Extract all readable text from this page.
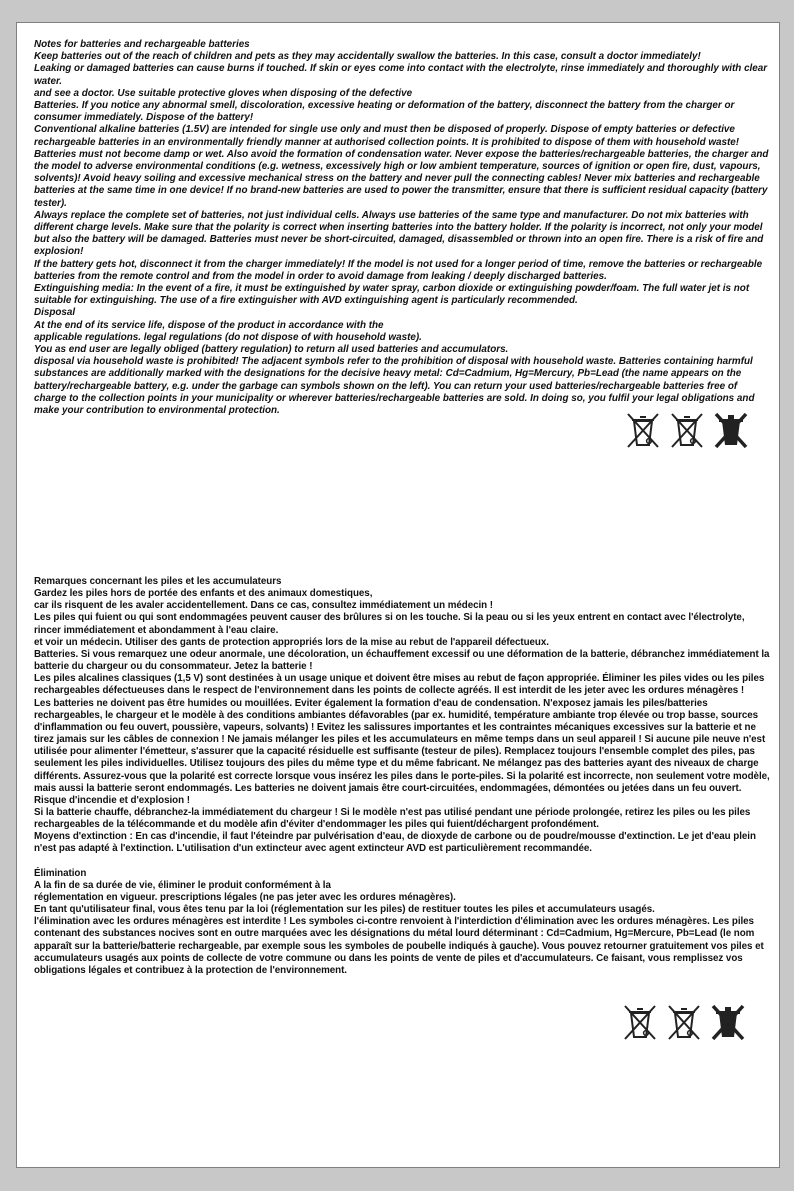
Notes for batteries and rechargeable batteries

Keep batteries out of the reach of children and pets as they may accidentally swallow the batteries. In this case, consult a doctor immediately!

Leaking or damaged batteries can cause burns if touched. If skin or eyes come into contact with the electrolyte, rinse immediately and thoroughly with clear water.

and see a doctor. Use suitable protective gloves when disposing of the defective

Batteries. If you notice any abnormal smell, discoloration, excessive heating or deformation of the battery, disconnect the battery from the charger or consumer immediately. Dispose of the battery!

Conventional alkaline batteries (1.5V) are intended for single use only and must then be disposed of properly. Dispose of empty batteries or defective rechargeable batteries in an environmentally friendly manner at authorised collection points. It is prohibited to dispose of them with household waste!

Batteries must not become damp or wet. Also avoid the formation of condensation water. Never expose the batteries/rechargeable batteries, the charger and the model to adverse environmental conditions (e.g. wetness, excessively high or low ambient temperature, sources of ignition or open fire, dust, vapours, solvents)! Avoid heavy soiling and excessive mechanical stress on the battery and never pull the connecting cables! Never mix batteries and rechargeable batteries at the same time in one device! If no brand-new batteries are used to power the transmitter, ensure that there is sufficient residual capacity (battery tester).

Always replace the complete set of batteries, not just individual cells. Always use batteries of the same type and manufacturer. Do not mix batteries with different charge levels. Make sure that the polarity is correct when inserting batteries into the battery holder. If the polarity is incorrect, not only your model but also the battery will be damaged. Batteries must never be short-circuited, damaged, disassembled or thrown into an open fire. There is a risk of fire and explosion!

If the battery gets hot, disconnect it from the charger immediately! If the model is not used for a longer period of time, remove the batteries or rechargeable batteries from the remote control and from the model in order to avoid damage from leaking / deeply discharged batteries.

Extinguishing media: In the event of a fire, it must be extinguished by water spray, carbon dioxide or extinguishing powder/foam. The full water jet is not suitable for extinguishing. The use of a fire extinguisher with AVD extinguishing agent is particularly recommended.

Disposal

At the end of its service life, dispose of the product in accordance with the

applicable regulations. legal regulations (do not dispose of with household waste).

You as end user are legally obliged (battery regulation) to return all used batteries and accumulators.

disposal via household waste is prohibited! The adjacent symbols refer to the prohibition of disposal with household waste. Batteries containing harmful substances are additionally marked with the designations for the decisive heavy metal: Cd=Cadmium, Hg=Mercury, Pb=Lead (the name appears on the battery/rechargeable battery, e.g. under the garbage can symbols shown on the left). You can return your used batteries/rechargeable batteries free of charge to the collection points in your municipality or wherever batteries/rechargeable batteries are sold. In doing so, you fulfil your legal obligations and make your contribution to environmental protection.

Remarques concernant les piles et les accumulateurs

Gardez les piles hors de portée des enfants et des animaux domestiques,

car ils risquent de les avaler accidentellement. Dans ce cas, consultez immédiatement un médecin !

Les piles qui fuient ou qui sont endommagées peuvent causer des brûlures si on les touche. Si la peau ou si les yeux entrent en contact avec l'électrolyte, rincer immédiatement et abondamment à l'eau claire.

et voir un médecin. Utiliser des gants de protection appropriés lors de la mise au rebut de l'appareil défectueux.

Batteries. Si vous remarquez une odeur anormale, une décoloration, un échauffement excessif ou une déformation de la batterie, débranchez immédiatement la batterie du chargeur ou du consommateur. Jetez la batterie !

Les piles alcalines classiques (1,5 V) sont destinées à un usage unique et doivent être mises au rebut de façon appropriée. Éliminer les piles vides ou les piles rechargeables défectueuses dans le respect de l'environnement dans les points de collecte agréés. Il est interdit de les jeter avec les ordures ménagères !

Les batteries ne doivent pas être humides ou mouillées. Eviter également la formation d'eau de condensation. N'exposez jamais les piles/batteries rechargeables, le chargeur et le modèle à des conditions ambiantes défavorables (par ex. humidité, température ambiante trop élevée ou trop basse, sources d'inflammation ou feu ouvert, poussière, vapeurs, solvants) ! Evitez les salissures importantes et les contraintes mécaniques excessives sur la batterie et ne tirez jamais sur les câbles de connexion ! Ne jamais mélanger les piles et les accumulateurs en même temps dans un seul appareil ! Si aucune pile neuve n'est utilisée pour alimenter l'émetteur, s'assurer que la capacité résiduelle est suffisante (testeur de piles). Remplacez toujours l'ensemble complet des piles, pas seulement les piles individuelles. Utilisez toujours des piles du même type et du même fabricant. Ne mélangez pas des batteries ayant des niveaux de charge différents. Assurez-vous que la polarité est correcte lorsque vous insérez les piles dans le porte-piles. Si la polarité est incorrecte, non seulement votre modèle, mais aussi la batterie seront endommagés. Les batteries ne doivent jamais être court-circuitées, endommagées, démontées ou jetées dans un feu ouvert. Risque d'incendie et d'explosion !

Si la batterie chauffe, débranchez-la immédiatement du chargeur ! Si le modèle n'est pas utilisé pendant une période prolongée, retirez les piles ou les piles rechargeables de la télécommande et du modèle afin d'éviter d'endommager les piles qui fuient/déchargent profondément.

Moyens d'extinction : En cas d'incendie, il faut l'éteindre par pulvérisation d'eau, de dioxyde de carbone ou de poudre/mousse d'extinction. Le jet d'eau plein n'est pas adapté à l'extinction. L'utilisation d'un extincteur avec agent extincteur AVD est particulièrement recommandée.

Élimination

A la fin de sa durée de vie, éliminer le produit conformément à la

réglementation en vigueur. prescriptions légales (ne pas jeter avec les ordures ménagères).

En tant qu'utilisateur final, vous êtes tenu par la loi (réglementation sur les piles) de restituer toutes les piles et accumulateurs usagés.

l'élimination avec les ordures ménagères est interdite ! Les symboles ci-contre renvoient à l'interdiction d'élimination avec les ordures ménagères. Les piles contenant des substances nocives sont en outre marquées avec les désignations du métal lourd déterminant : Cd=Cadmium, Hg=Mercure, Pb=Lead (le nom apparaît sur la batterie/batterie rechargeable, par exemple sous les symboles de poubelle indiqués à gauche). Vous pouvez retourner gratuitement vos piles et accumulateurs usagés aux points de collecte de votre commune ou dans les points de vente de piles et d'accumulateurs. Ce faisant, vous remplissez vos obligations légales et contribuez à la protection de l'environnement.
